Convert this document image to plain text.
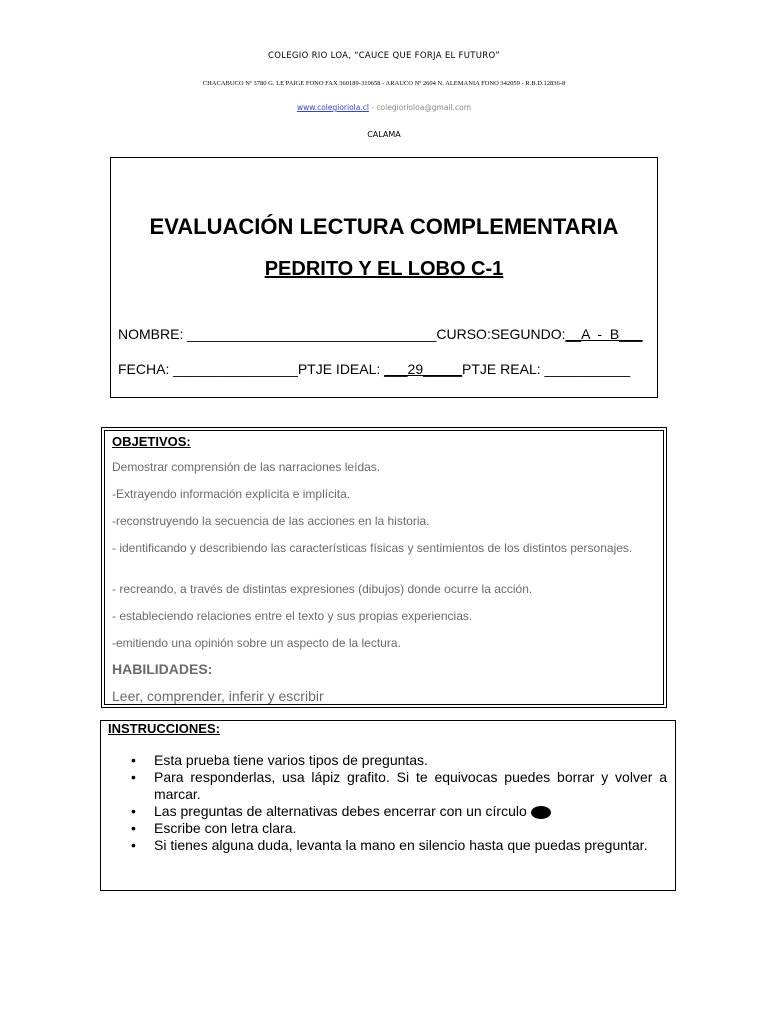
COLEGIO RIO LOA, “CAUCE QUE FORJA EL FUTURO”
CHACABUCO Nº 3780 G. LE PAIGE FONO FAX 360189-319658 - ARAUCO Nº 2604 N. ALEMANIA FONO 342059 - R.B.D.12836-8
www.colegioriola.cl - colegiorioloa@gmail.com
CALAMA
EVALUACIÓN LECTURA COMPLEMENTARIA
PEDRITO Y EL LOBO C-1
NOMBRE: ________________________________CURSO:SEGUNDO:__A  -  B___
FECHA: ________________PTJE IDEAL: ___29_____PTJE REAL: ___________
OBJETIVOS:
Demostrar comprensión de las narraciones leídas.
-Extrayendo información explícita e implícita.
-reconstruyendo la secuencia de las acciones en la historia.
- identificando y describiendo las características físicas y sentimientos de los distintos personajes.
- recreando, a través de distintas expresiones (dibujos) donde ocurre la acción.
- estableciendo relaciones entre el texto y sus propias experiencias.
-emitiendo una opinión sobre un aspecto de la lectura.
HABILIDADES:
Leer, comprender, inferir y escribir
INSTRUCCIONES:
• Esta prueba tiene varios tipos de preguntas.
• Para responderlas, usa lápiz grafito. Si te equivocas puedes borrar y volver a marcar.
• Las preguntas de alternativas debes encerrar con un círculo
• Escribe con letra clara.
• Si tienes alguna duda, levanta la mano en silencio hasta que puedas preguntar.
